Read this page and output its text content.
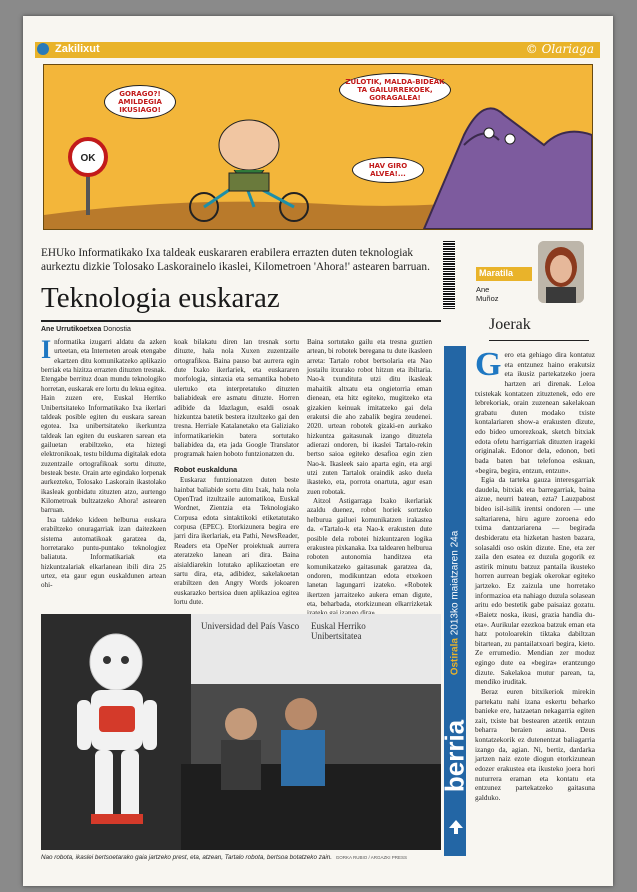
Zakilixut	© Olariaga
OK
GORAGO?! AMILDEGIA IKUSIAGO!
ZULOTIK, MALDA-BIDEAK TA GAILURREKOEK, GORAGALEA!
HAV GIRO ALVEA!...
EHUko Informatikako Ixa taldeak euskararen erabilera errazten duten teknologiak aurkeztu dizkie Tolosako Laskorainelo ikaslei, Kilometroen 'Ahora!' astearen barruan.
Teknologia euskaraz
Ane Urrutikoetxea Donostia
I nformatika izugarri aldatu da azken urteetan, eta Interneten aroak etengabe ekartzen ditu komunikatzeko aplikazio berriak eta hizitza errazten dituzten tresnak. Etengabe berrituz doan mundu teknologiko horretan, euskarak ere lortu du lekua egitea. Hain zuzen ere, Euskal Herriko Unibertsitateko Informatikako Ixa ikerlari taldeak posible egiten du euskara sarean egotea. Ixa unibertsitateko ikerkuntza taldeak lan egiten du euskaren sarean eta gailuetan erabiltzeko, eta hiztegi elektronikoak, testu bilduma digitalak edota zuzentzaile ortografikoak sortu dituzte, besteak beste. Orain arte egindako lorpenak aurkezteko, Tolosako Laskorain ikastolako ikasleak gonbidatu zituzten atzo, aurtengo Kilometroak bultzatzeko Ahora! astearen barruan.

Ixa taldeko kideen helburua euskara erabiltzeko onuragarriak izan daitezkeen sistema automatikoak garatzea da, horretarako puntu-puntako teknologiez baliatuta. Informatikariak eta hizkuntzalariak elkarlanean ibili dira 25 urtez, eta gaur egun euskaldunen artean ohi-

koak bilakatu diren lan tresnak sortu dituzte, hala nola Xuxen zuzentzaile ortografikoa. Baina pauso bat aurrera egin dute Ixako ikerlariek, eta euskararen morfologia, sintaxia eta semantika hobeto ulertuko eta interpretatuko dituzten baliabideak ere asmatu dituzte. Horren adibide da Idazlagun, esaldi osoak hizkuntza batetik bestera itzultzeko gai den tresna. Herriale Katalanetako eta Galiziako informatikariekin batera sortutako baliabidea da, eta jada Google Translator programak haien hoboto funtzionatzen du.

Robot euskalduna

Euskaraz funtzionatzen duten beste hainbat baliabide sortu ditu Ixak, hala nola OpenTrad itzultzaile automatikoa, Euskal Wordnet, Zientzia eta Teknologiako Corpusa edota sintaktikoki etiketatutako corpusa (EPEC). Etorkizunera begira ere jarri dira ikerlariak, eta Pathi, NewsReader, Readers eta OpeNer proiektuak aurrera ateratzeko lanean ari dira. Baina aisialdiarekin lotutako aplikazioetan ere sartu dira, eta, adibidez, sakelakoetan erabiltzen den Angry Words jokoaren euskarazko bertsioa duen aplikazioa egitea lortu dute.

Baina sortutako gailu eta tresna guztien artean, bi robotek beregana tu dute ikasleen arreta: Tartalo robot bertsolaria eta Nao jostailu itxurako robot hitzun eta ibiltaria. Nao-k txundituta utzi ditu ikasleak mahaitik altxatu eta ongietorria eman dienean, eta hitz egiteko, mugitzeko eta gizakien keinuak imitatzeko gai dela erakutsi die aho zabalik begira zeudenei. 2020. urtean robotek gizaki-en aurkako hizkuntza gaitasunak izango dituztela adierazi ondoren, bi ikaslei Tartalo-rekin bertso saioa egiteko desafioa egin zien Nao-k. Ikasleek saio aparta egin, eta argi utzi zuten Tartalok oraindik asko duela ikasteko, eta, porrota onartuta, agur esan zuen robotak.

Aitzol Astigarraga Ixako ikerlariak azaldu duenez, robot horiek sortzeko helburua gailuei komunikatzen irakastea da. «Tartalo-k eta Nao-k erakusten dute posible dela robotei hizkuntzaren logika erakustea pixkanaka. Ixa taldearen helburua roboten autonomia handitzea eta komunikatzeko gaitasunak garatzea da, ondoren, modikuntzan edota etxekoen lanetan lagungarri izateko. «Robotek ikertzen jarraitzeko aukera eman digute, eta, beharbada, etorkizunean elkarrizketak

Universidad del País Vasco Euskal Herriko Unibertsitatea
Nao robota, ikaslei bertsoetarako gaia jartzeko prest, eta, atzean, Tartalo robota, bertsoa botatzeko zain. GORKA RUBIO / ARGAZKI PRESS
Maratila
Ane
Muñoz
Joerak
Ostirala 2013ko maiatzaren 24a
berria
G ero eta gehiago dira kontatuz eta entzunez haino erakutsiz eta ikusiz partekatzeko joera hartzen ari direnak. Leloa txistekak kontatzen zituztenek, edo ere lebrekoriak, orain zuzenean sakelakoan grabatu duten modako txiste kontalariaren show-a erakusten dizute, edo bideo umorezkoak, sketch bitxiak edota ofetu harrigarriak dituzten irageki originalak. Edonor dela, edonon, beti bada baten bat telefonoa eskuan, «begira, begira, entzun, entzun».

Egia da tarteka gauza interesgarriak daudela, bitxiak eta barregarriak, baina aizue, neurri batean, ezta? Lauzpabost bideo isil-isilik irentsi ondoren — une saltariarena, hiru agure zoroena edo txima dantzariarena — begirada desbideratu eta hizketan hasten bazara, solasaldi oso oskin dizute. Ene, eta zer zaila den esatea ez duzula gogorik ez astirik minutu batzuz pantaila ikusteko horren aurrean begiak okerokar egiteko jartzeko. Ez zaizula une horretako informazioa eta nahiago duzula solasean aritu edo bestetik gabe paisaiaz gozatu. «Baietz noska, ikusi, grazia handia du-eta». Aurikular ezezkoa batzuk eman eta hatz potoloarekin tiktaka dabiltzan bitartean, zu pantailatxoari begira, kieto. Ze errumedio. Mendian zer moduz egingo dute ea «begira» erantzungo dizute. Sakelakoa mutur parean, ta, mendiko iruditak.

Beraz euren bitxikeriok mirekin partekatu nahi izana eskertu beharko banieke ere, hatzaetan nekagarria egiten zait, txiste bat bestearen atzetik entzun beharra beraien astuna. Deus kontatzekorik ez dutenentzat baliagarria izango da, agian. Ni, bertiz, dardarka jartzen naiz ezote diogun etorkizunean edozer erakustea eta ikusteko joera hori nuturrera eraman eta kontatu eta entzunez partekatzeko gaitasuna galduko.
